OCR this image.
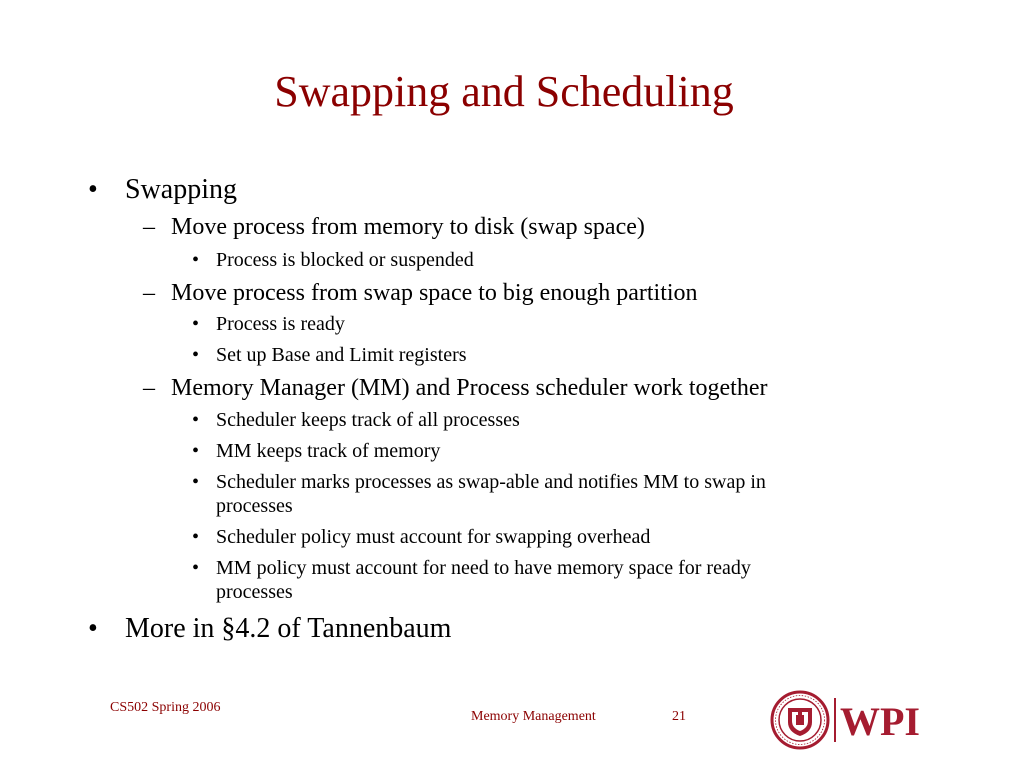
Swapping and Scheduling
• Swapping
– Move process from memory to disk (swap space)
• Process is blocked or suspended
– Move process from swap space to big enough partition
• Process is ready
• Set up Base and Limit registers
– Memory Manager (MM) and Process scheduler work together
• Scheduler keeps track of all processes
• MM keeps track of memory
• Scheduler marks processes as swap-able and notifies MM to swap in
processes
• Scheduler policy must account for swapping overhead
• MM policy must account for need to have memory space for ready
processes
• More in §4.2 of Tannenbaum
CS502 Spring 2006
Memory Management	21	WPI
